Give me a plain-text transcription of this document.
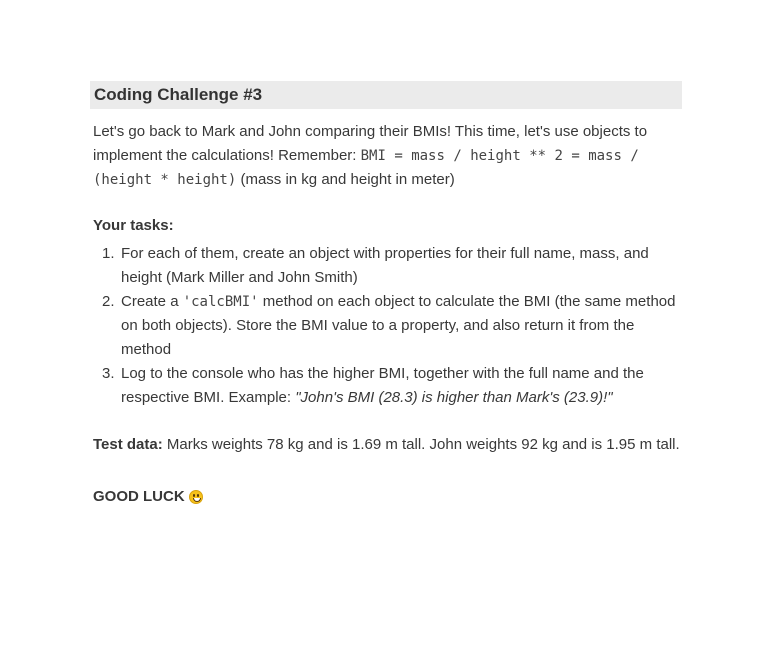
Coding Challenge #3

Let's go back to Mark and John comparing their BMIs! This time, let's use objects to implement the calculations! Remember: BMI = mass / height ** 2 = mass / (height * height) (mass in kg and height in meter)

Your tasks:
1. For each of them, create an object with properties for their full name, mass, and height (Mark Miller and John Smith)
2. Create a 'calcBMI' method on each object to calculate the BMI (the same method on both objects). Store the BMI value to a property, and also return it from the method
3. Log to the console who has the higher BMI, together with the full name and the respective BMI. Example: "John's BMI (28.3) is higher than Mark's (23.9)!"

Test data: Marks weights 78 kg and is 1.69 m tall. John weights 92 kg and is 1.95 m tall.

GOOD LUCK
